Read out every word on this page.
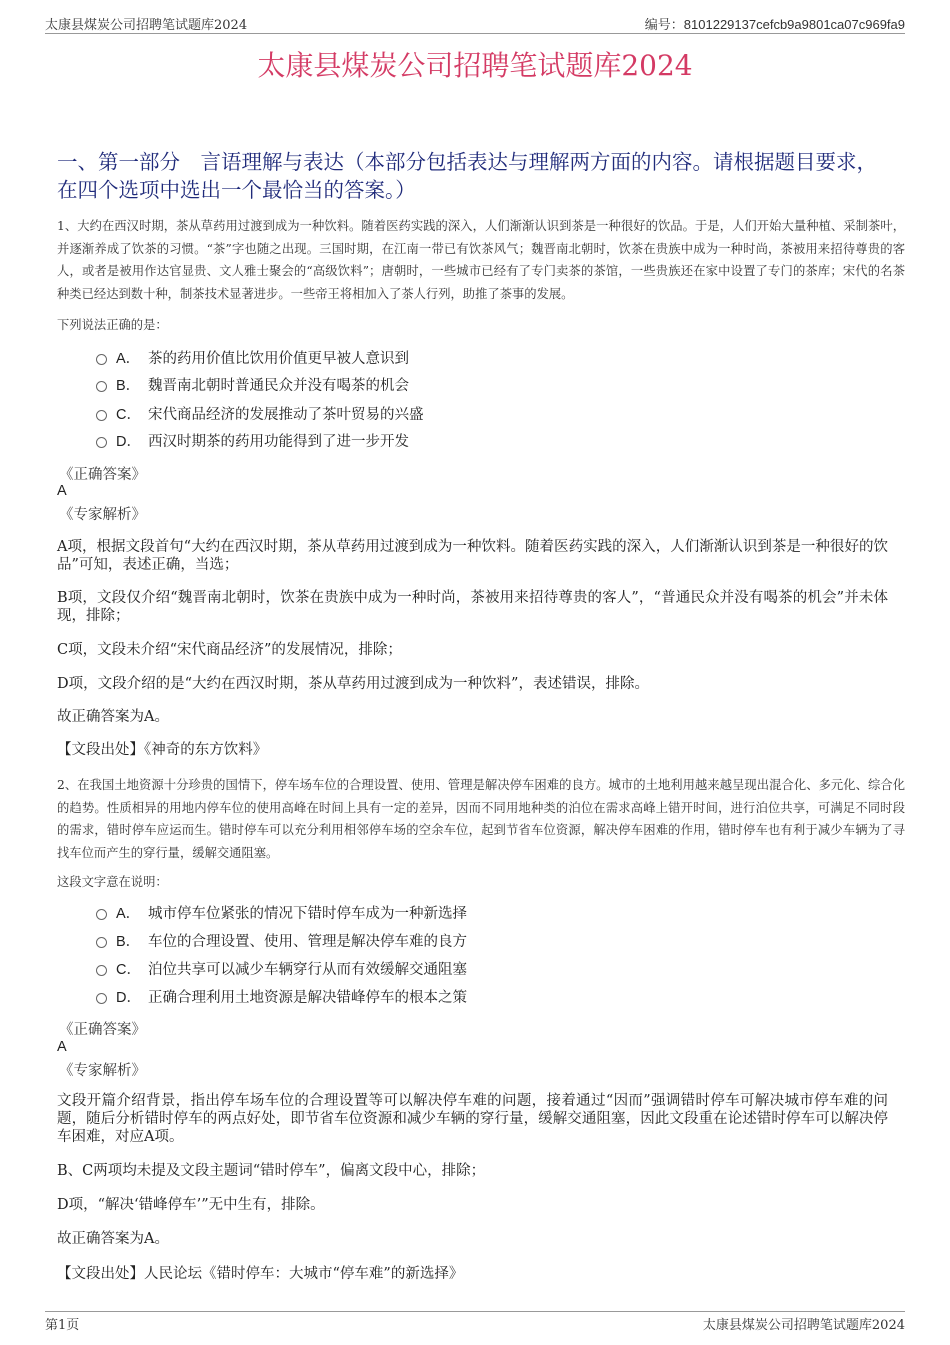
太康县煤炭公司招聘笔试题库2024	编号：8101229137cefcb9a9801ca07c969fa9
太康县煤炭公司招聘笔试题库2024
一、第一部分　言语理解与表达（本部分包括表达与理解两方面的内容。请根据题目要求，在四个选项中选出一个最恰当的答案。）
1、大约在西汉时期，茶从草药用过渡到成为一种饮料。随着医药实践的深入，人们渐渐认识到茶是一种很好的饮品。于是，人们开始大量种植、采制茶叶，并逐渐养成了饮茶的习惯。“茶”字也随之出现。三国时期，在江南一带已有饮茶风气；魏晋南北朝时，饮茶在贵族中成为一种时尚，茶被用来招待尊贵的客人，或者是被用作达官显贵、文人雅士聚会的“高级饮料”；唐朝时，一些城市已经有了专门卖茶的茶馆，一些贵族还在家中设置了专门的茶库；宋代的名茶种类已经达到数十种，制茶技术显著进步。一些帝王将相加入了茶人行列，助推了茶事的发展。
下列说法正确的是：
A． 茶的药用价值比饮用价值更早被人意识到
B． 魏晋南北朝时普通民众并没有喝茶的机会
C． 宋代商品经济的发展推动了茶叶贸易的兴盛
D． 西汉时期茶的药用功能得到了进一步开发
《正确答案》
A
《专家解析》
A项，根据文段首句“大约在西汉时期，茶从草药用过渡到成为一种饮料。随着医药实践的深入，人们渐渐认识到茶是一种很好的饮品”可知，表述正确，当选；
B项，文段仅介绍“魏晋南北朝时，饮茶在贵族中成为一种时尚，茶被用来招待尊贵的客人”，“普通民众并没有喝茶的机会”并未体现，排除；
C项，文段未介绍“宋代商品经济”的发展情况，排除；
D项，文段介绍的是“大约在西汉时期，茶从草药用过渡到成为一种饮料”，表述错误，排除。
故正确答案为A。
【文段出处】《神奇的东方饮料》
2、在我国土地资源十分珍贵的国情下，停车场车位的合理设置、使用、管理是解决停车困难的良方。城市的土地利用越来越呈现出混合化、多元化、综合化的趋势。性质相异的用地内停车位的使用高峰在时间上具有一定的差异，因而不同用地种类的泊位在需求高峰上错开时间，进行泊位共享，可满足不同时段的需求，错时停车应运而生。错时停车可以充分利用相邻停车场的空余车位，起到节省车位资源，解决停车困难的作用，错时停车也有利于减少车辆为了寻找车位而产生的穿行量，缓解交通阻塞。
这段文字意在说明：
A． 城市停车位紧张的情况下错时停车成为一种新选择
B． 车位的合理设置、使用、管理是解决停车难的良方
C． 泊位共享可以减少车辆穿行从而有效缓解交通阻塞
D． 正确合理利用土地资源是解决错峰停车的根本之策
《正确答案》
A
《专家解析》
文段开篇介绍背景，指出停车场车位的合理设置等可以解决停车难的问题，接着通过“因而”强调错时停车可解决城市停车难的问题，随后分析错时停车的两点好处，即节省车位资源和减少车辆的穿行量，缓解交通阻塞，因此文段重在论述错时停车可以解决停车困难，对应A项。
B、C两项均未提及文段主题词“错时停车”，偏离文段中心，排除；
D项，“解决‘错峰停车’”无中生有，排除。
故正确答案为A。
【文段出处】人民论坛《错时停车：大城市“停车难”的新选择》
第1页	太康县煤炭公司招聘笔试题库2024
